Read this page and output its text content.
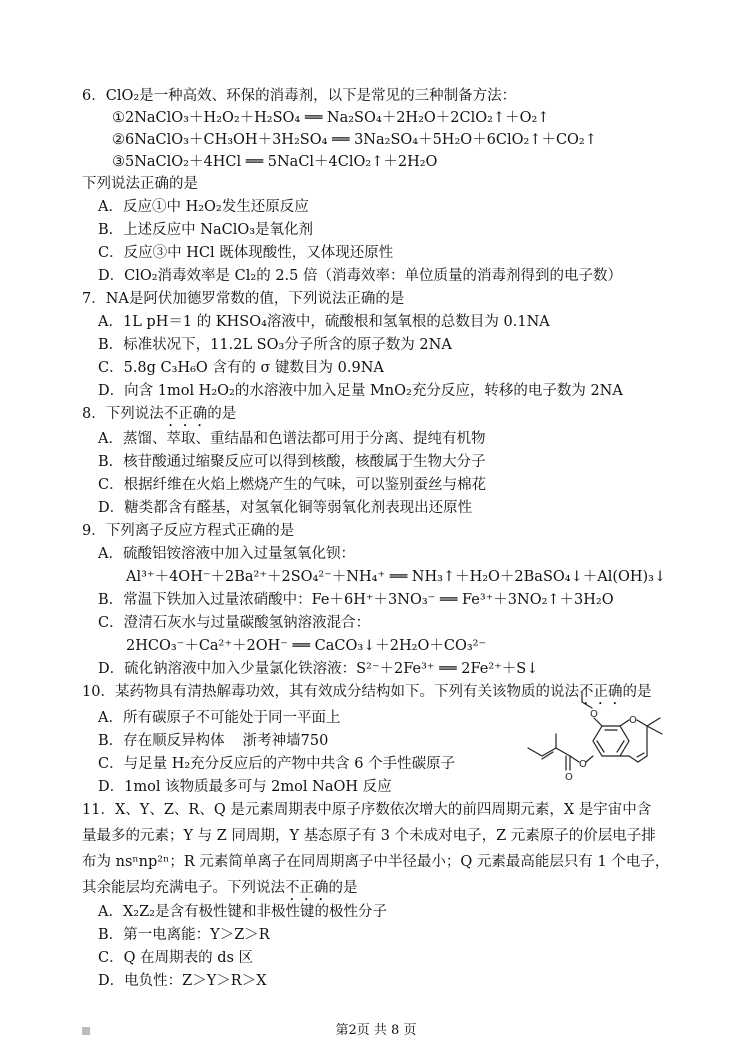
6．ClO₂是一种高效、环保的消毒剂，以下是常见的三种制备方法：
①2NaClO₃＋H₂O₂＋H₂SO₄ ══ Na₂SO₄＋2H₂O＋2ClO₂↑＋O₂↑
②6NaClO₃＋CH₃OH＋3H₂SO₄ ══ 3Na₂SO₄＋5H₂O＋6ClO₂↑＋CO₂↑
③5NaClO₂＋4HCl ══ 5NaCl＋4ClO₂↑＋2H₂O
下列说法正确的是
A．反应①中 H₂O₂发生还原反应
B．上述反应中 NaClO₃是氧化剂
C．反应③中 HCl 既体现酸性，又体现还原性
D．ClO₂消毒效率是 Cl₂的 2.5 倍（消毒效率：单位质量的消毒剂得到的电子数）
7．NA是阿伏加德罗常数的值，下列说法正确的是
A．1L pH＝1 的 KHSO₄溶液中，硫酸根和氢氧根的总数目为 0.1NA
B．标准状况下，11.2L SO₃分子所含的原子数为 2NA
C．5.8g C₃H₆O 含有的 σ 键数目为 0.9NA
D．向含 1mol H₂O₂的水溶液中加入足量 MnO₂充分反应，转移的电子数为 2NA
8．下列说法不正确的是
A．蒸馏、萃取、重结晶和色谱法都可用于分离、提纯有机物
B．核苷酸通过缩聚反应可以得到核酸，核酸属于生物大分子
C．根据纤维在火焰上燃烧产生的气味，可以鉴别蚕丝与棉花
D．糖类都含有醛基，对氢氧化铜等弱氧化剂表现出还原性
9．下列离子反应方程式正确的是
A．硫酸铝铵溶液中加入过量氢氧化钡：
Al³⁺＋4OH⁻＋2Ba²⁺＋2SO₄²⁻＋NH₄⁺ ══ NH₃↑＋H₂O＋2BaSO₄↓＋Al(OH)₃↓
B．常温下铁加入过量浓硝酸中：Fe＋6H⁺＋3NO₃⁻ ══ Fe³⁺＋3NO₂↑＋3H₂O
C．澄清石灰水与过量碳酸氢钠溶液混合：
2HCO₃⁻＋Ca²⁺＋2OH⁻ ══ CaCO₃↓＋2H₂O＋CO₃²⁻
D．硫化钠溶液中加入少量氯化铁溶液：S²⁻＋2Fe³⁺ ══ 2Fe²⁺＋S↓
10．某药物具有清热解毒功效，其有效成分结构如下。下列有关该物质的说法不正确的是
A．所有碳原子不可能处于同一平面上
B．存在顺反异构体 浙考神墙750
C．与足量 H₂充分反应后的产物中共含 6 个手性碳原子
D．1mol 该物质最多可与 2mol NaOH 反应
O
O
O
O
11．X、Y、Z、R、Q 是元素周期表中原子序数依次增大的前四周期元素，X 是宇宙中含
量最多的元素；Y 与 Z 同周期，Y 基态原子有 3 个未成对电子，Z 元素原子的价层电子排
布为 nsⁿnp²ⁿ；R 元素简单离子在同周期离子中半径最小；Q 元素最高能层只有 1 个电子，
其余能层均充满电子。下列说法不正确的是
A．X₂Z₂是含有极性键和非极性键的极性分子
B．第一电离能：Y＞Z＞R
C．Q 在周期表的 ds 区
D．电负性：Z＞Y＞R＞X
第2页 共 8 页
